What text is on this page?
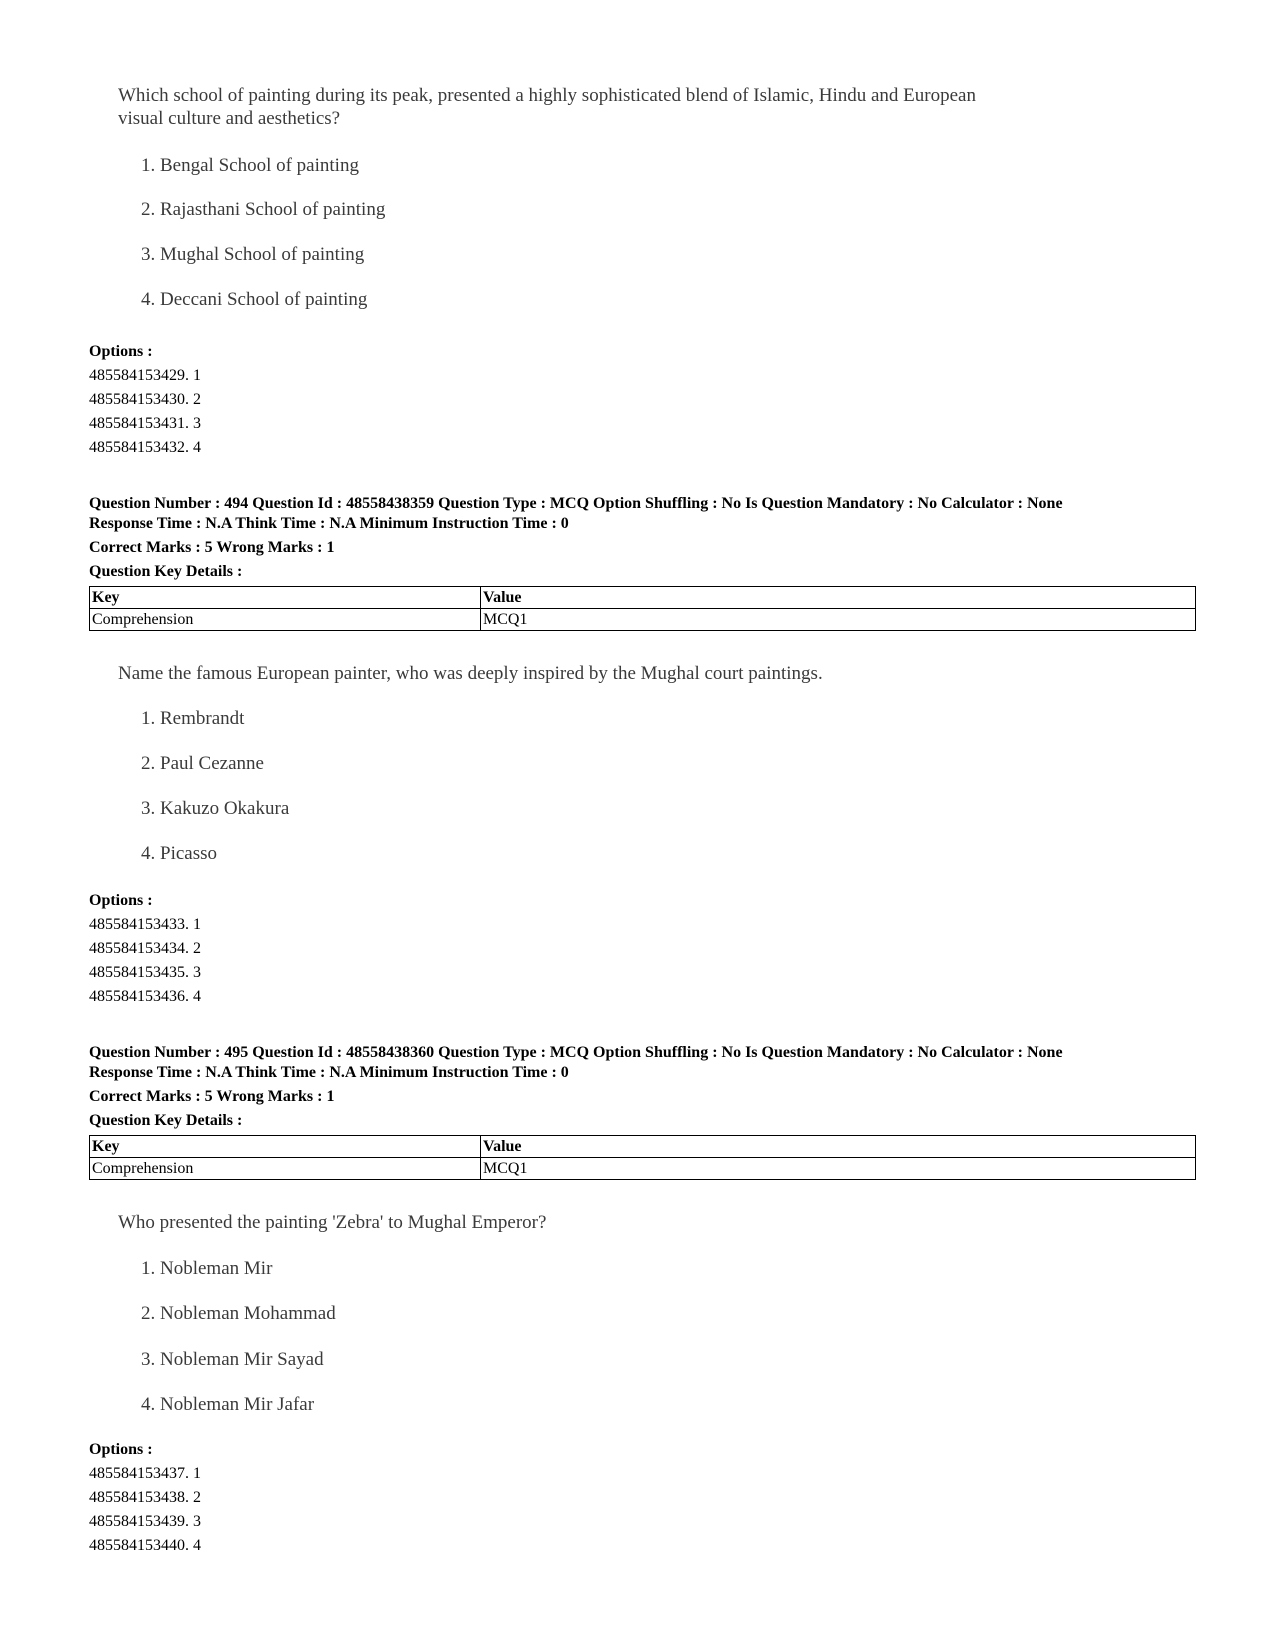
Which school of painting during its peak, presented a highly sophisticated blend of Islamic, Hindu and European visual culture and aesthetics?
1. Bengal School of painting
2. Rajasthani School of painting
3. Mughal School of painting
4. Deccani School of painting
Options :
485584153429. 1
485584153430. 2
485584153431. 3
485584153432. 4
Question Number : 494 Question Id : 48558438359 Question Type : MCQ Option Shuffling : No Is Question Mandatory : No Calculator : None
Response Time : N.A Think Time : N.A Minimum Instruction Time : 0
Correct Marks : 5 Wrong Marks : 1
Question Key Details :
Key	Value
Comprehension	MCQ1
Name the famous European painter, who was deeply inspired by the Mughal court paintings.
1. Rembrandt
2. Paul Cezanne
3. Kakuzo Okakura
4. Picasso
Options :
485584153433. 1
485584153434. 2
485584153435. 3
485584153436. 4
Question Number : 495 Question Id : 48558438360 Question Type : MCQ Option Shuffling : No Is Question Mandatory : No Calculator : None
Response Time : N.A Think Time : N.A Minimum Instruction Time : 0
Correct Marks : 5 Wrong Marks : 1
Question Key Details :
Key	Value
Comprehension	MCQ1
Who presented the painting 'Zebra' to Mughal Emperor?
1. Nobleman Mir
2. Nobleman Mohammad
3. Nobleman Mir Sayad
4. Nobleman Mir Jafar
Options :
485584153437. 1
485584153438. 2
485584153439. 3
485584153440. 4
